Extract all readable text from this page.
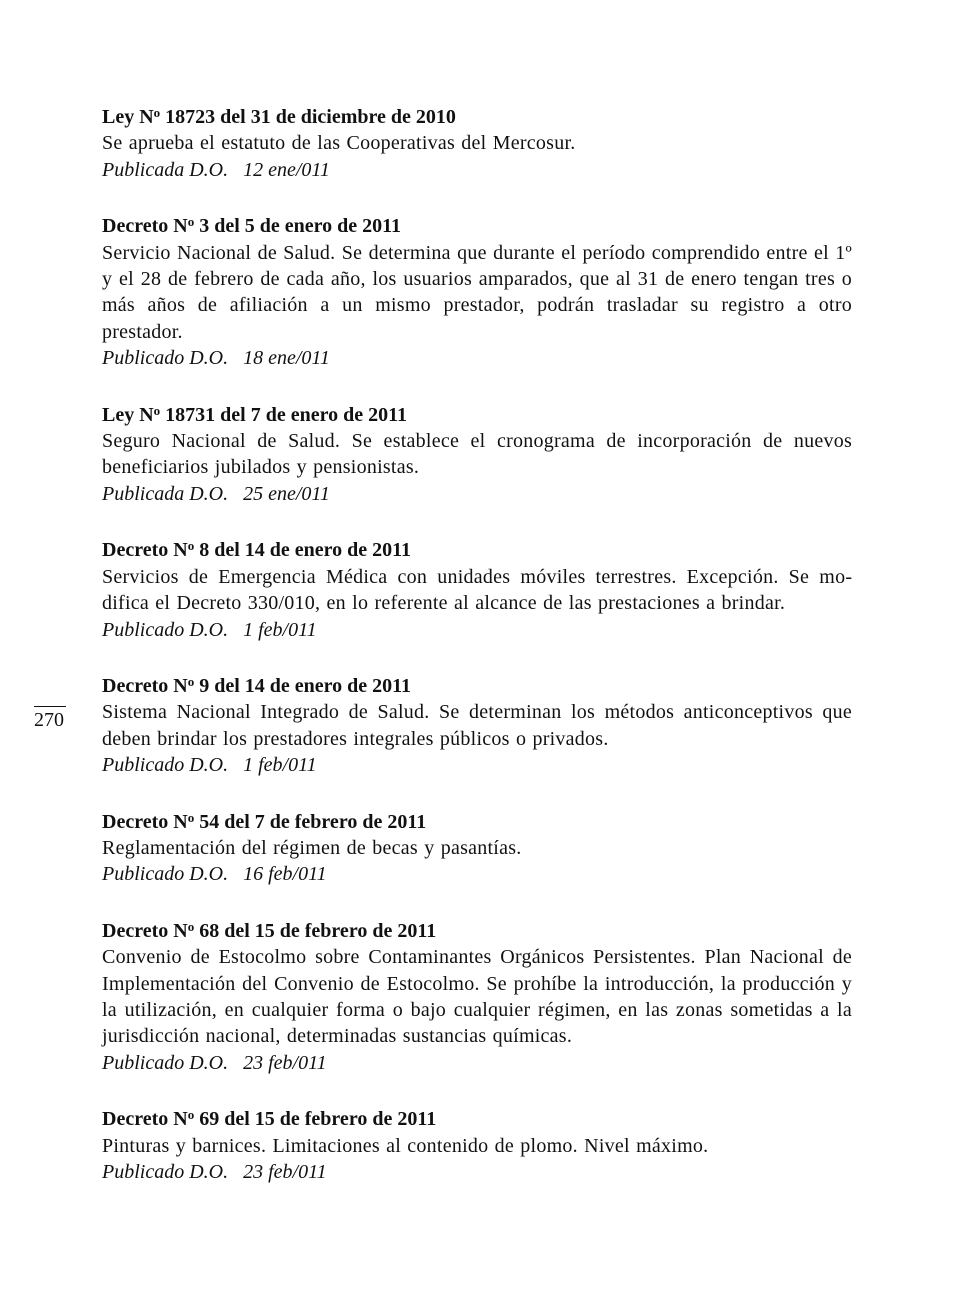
270

Ley $N^o$ 18723 del 31 de diciembre de 2010

Se aprueba el estatuto de las Cooperativas del Mercosur.

Publicada D.O.   12 ene/011

Decreto $N^o$ 3 del 5 de enero de 2011

Servicio Nacional de Salud. Se determina que durante el período comprendido entre el 1º y el 28 de febrero de cada año, los usuarios amparados, que al 31 de enero tengan tres o más años de afiliación a un mismo prestador, podrán trasladar su registro a otro prestador.

Publicado D.O.   18 ene/011

Ley $N^o$ 18731 del 7 de enero de 2011

Seguro Nacional de Salud. Se establece el cronograma de incorporación de nuevos beneficiarios jubilados y pensionistas.

Publicada D.O.   25 ene/011

Decreto $N^o$ 8 del 14 de enero de 2011

Servicios de Emergencia Médica con unidades móviles terrestres. Excepción. Se modifica el Decreto 330/010, en lo referente al alcance de las prestaciones a brindar.

Publicado D.O.   1 feb/011

Decreto $N^o$ 9 del 14 de enero de 2011

Sistema Nacional Integrado de Salud. Se determinan los métodos anticonceptivos que deben brindar los prestadores integrales públicos o privados.

Publicado D.O.   1 feb/011

Decreto $N^o$ 54 del 7 de febrero de 2011

Reglamentación del régimen de becas y pasantías.

Publicado D.O.   16 feb/011

Decreto $N^o$ 68 del 15 de febrero de 2011

Convenio de Estocolmo sobre Contaminantes Orgánicos Persistentes. Plan Nacional de Implementación del Convenio de Estocolmo. Se prohíbe la introducción, la producción y la utilización, en cualquier forma o bajo cualquier régimen, en las zonas sometidas a la jurisdicción nacional, determinadas sustancias químicas.

Publicado D.O.   23 feb/011

Decreto $N^o$ 69 del 15 de febrero de 2011

Pinturas y barnices. Limitaciones al contenido de plomo. Nivel máximo.

Publicado D.O.   23 feb/011
